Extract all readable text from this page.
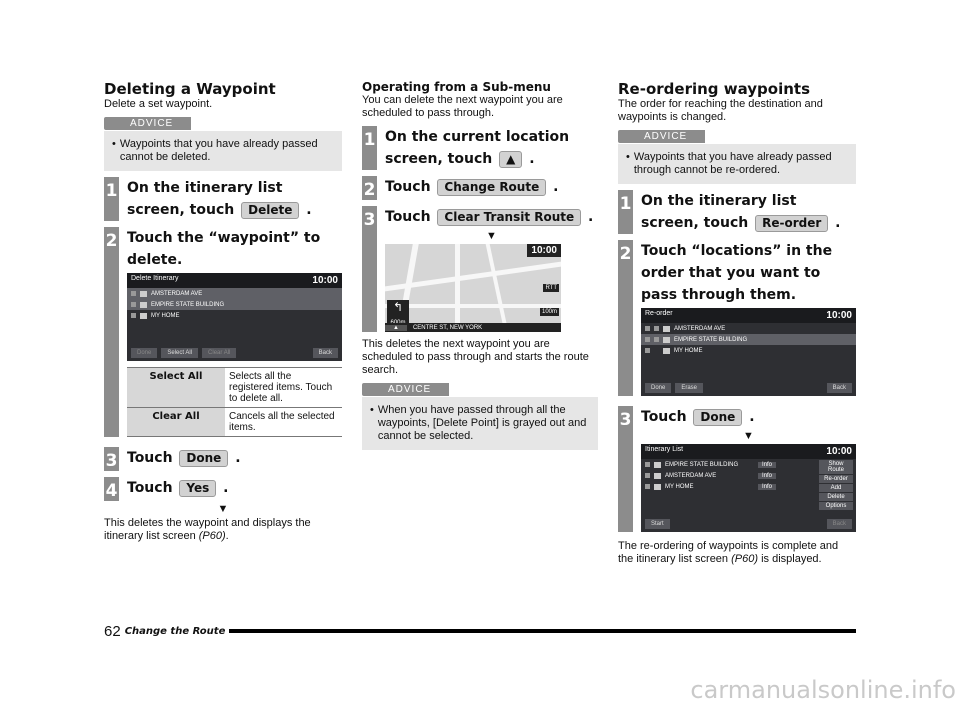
Deleting a Waypoint

Delete a set waypoint.

ADVICE
• Waypoints that you have already passed cannot be deleted.
1 On the itinerary list screen, touch Delete .
2 Touch the “waypoint” to delete.
Delete Itinerary	10:00
AMSTERDAM AVE
EMPIRE STATE BUILDING
MY HOME
Done	Select All	Clear All	Back
Select All	Selects all the registered items. Touch to delete all.
Clear All	Cancels all the selected items.
3 Touch Done .
4 Touch Yes .
▼

This deletes the waypoint and displays the itinerary list screen (P60).

Operating from a Sub-menu

You can delete the next waypoint you are scheduled to pass through.

1 On the current location screen, touch ▲ .
2 Touch Change Route .
3 Touch Clear Transit Route .
▼
10:00
↰
RTT
100m
▲	CENTRE ST, NEW YORK

This deletes the next waypoint you are scheduled to pass through and starts the route search.

ADVICE
• When you have passed through all the waypoints, [Delete Point] is grayed out and cannot be selected.
Re-ordering waypoints

The order for reaching the destination and waypoints is changed.

ADVICE
• Waypoints that you have already passed through cannot be re-ordered.
1 On the itinerary list screen, touch Re-order .
2 Touch “locations” in the order that you want to pass through them.
Re-order	10:00
AMSTERDAM AVE
EMPIRE STATE BUILDING
MY HOME
Done	Erase	Back
3 Touch Done .
▼
Itinerary List	10:00
EMPIRE STATE BUILDING	Info
AMSTERDAM AVE	Info
MY HOME	Info
Show Route
Re-order
Add
Delete
Options
Start	Back

The re-ordering of waypoints is complete and the itinerary list screen (P60) is displayed.

62 Change the Route
carmanualsonline.info
